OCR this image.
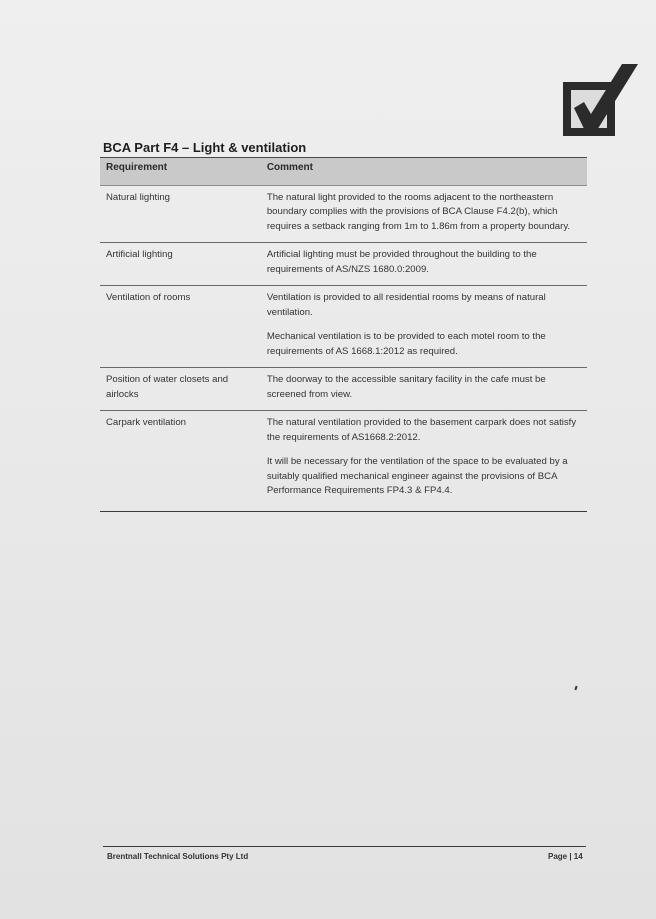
BCA Part F4 – Light & ventilation
Requirement	Comment
Natural lighting	The natural light provided to the rooms adjacent to the northeastern boundary complies with the provisions of BCA Clause F4.2(b), which requires a setback ranging from 1m to 1.86m from a property boundary.

Artificial lighting	Artificial lighting must be provided throughout the building to the requirements of AS/NZS 1680.0:2009.

Ventilation of rooms	Ventilation is provided to all residential rooms by means of natural ventilation.

Mechanical ventilation is to be provided to each motel room to the requirements of AS 1668.1:2012 as required.

Position of water closets and airlocks	The doorway to the accessible sanitary facility in the cafe must be screened from view.

Carpark ventilation	The natural ventilation provided to the basement carpark does not satisfy the requirements of AS1668.2:2012.

It will be necessary for the ventilation of the space to be evaluated by a suitably qualified mechanical engineer against the provisions of BCA Performance Requirements FP4.3 & FP4.4.

Brentnall Technical Solutions Pty Ltd	Page | 14
